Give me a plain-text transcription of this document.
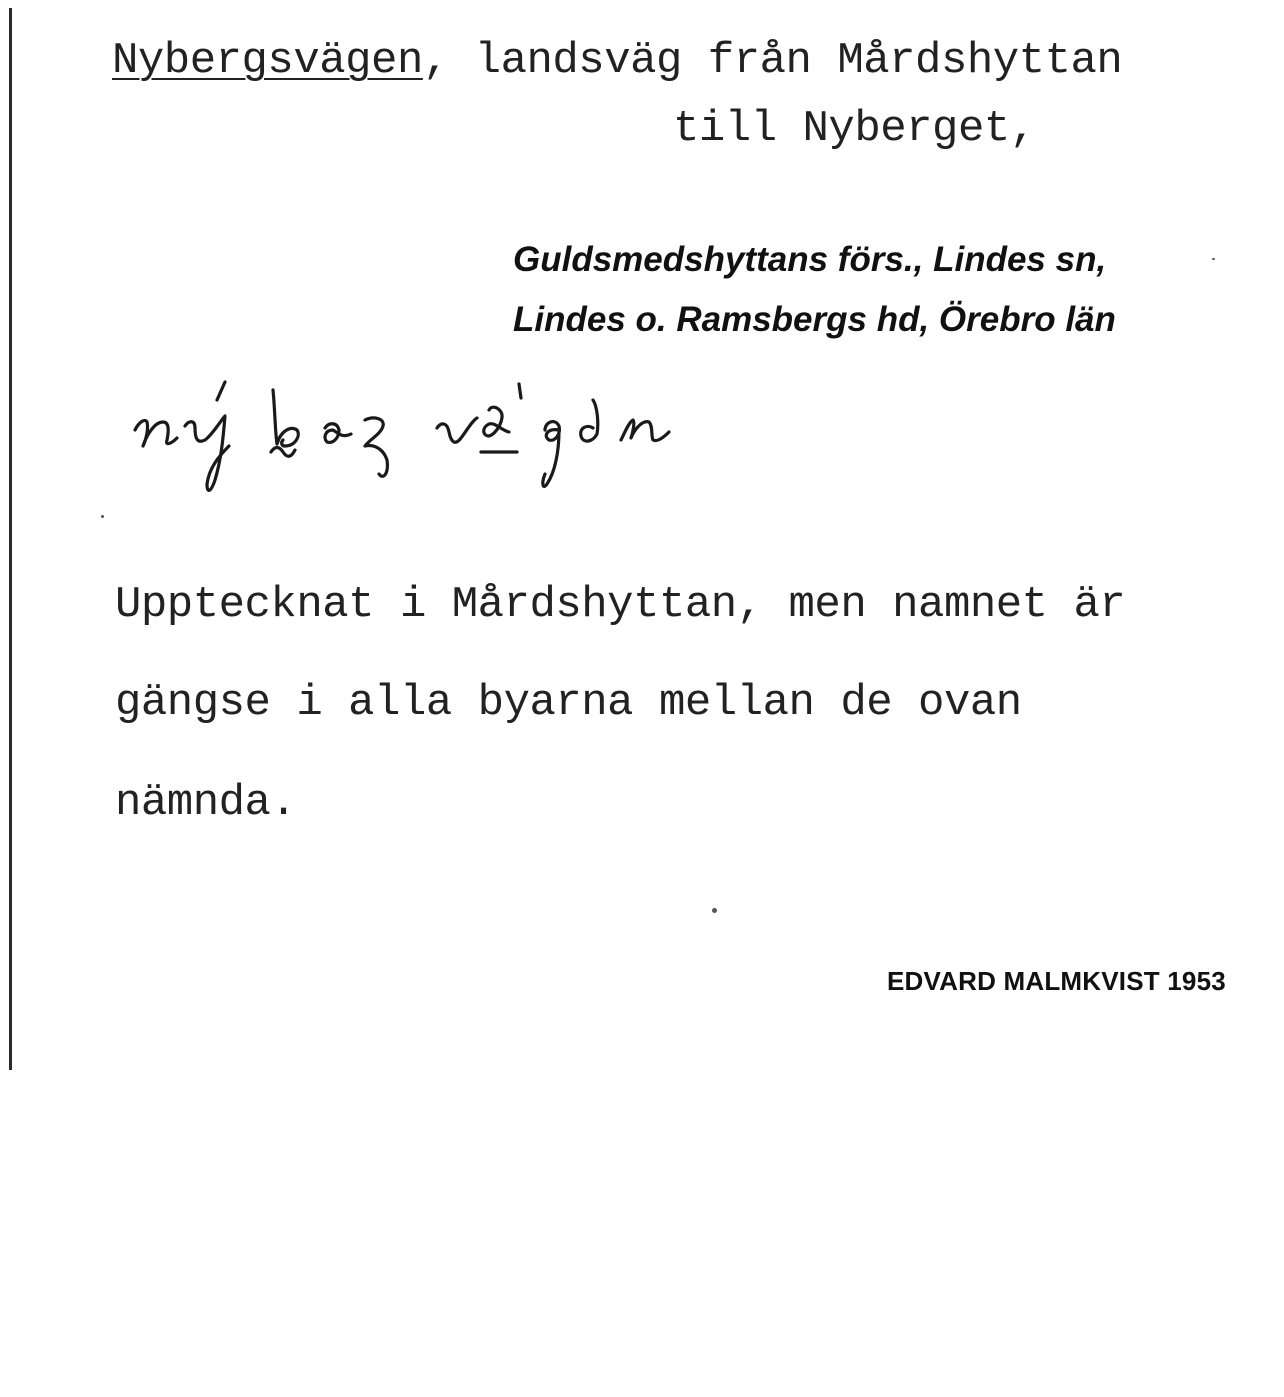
Nybergsvägen, landsväg från Mårdshyttan
till Nyberget,
Guldsmedshyttans förs., Lindes sn,
Lindes o. Ramsbergs hd, Örebro län
Upptecknat i Mårdshyttan, men namnet är
gängse i alla byarna mellan de ovan
nämnda.
EDVARD MALMKVIST 1953
